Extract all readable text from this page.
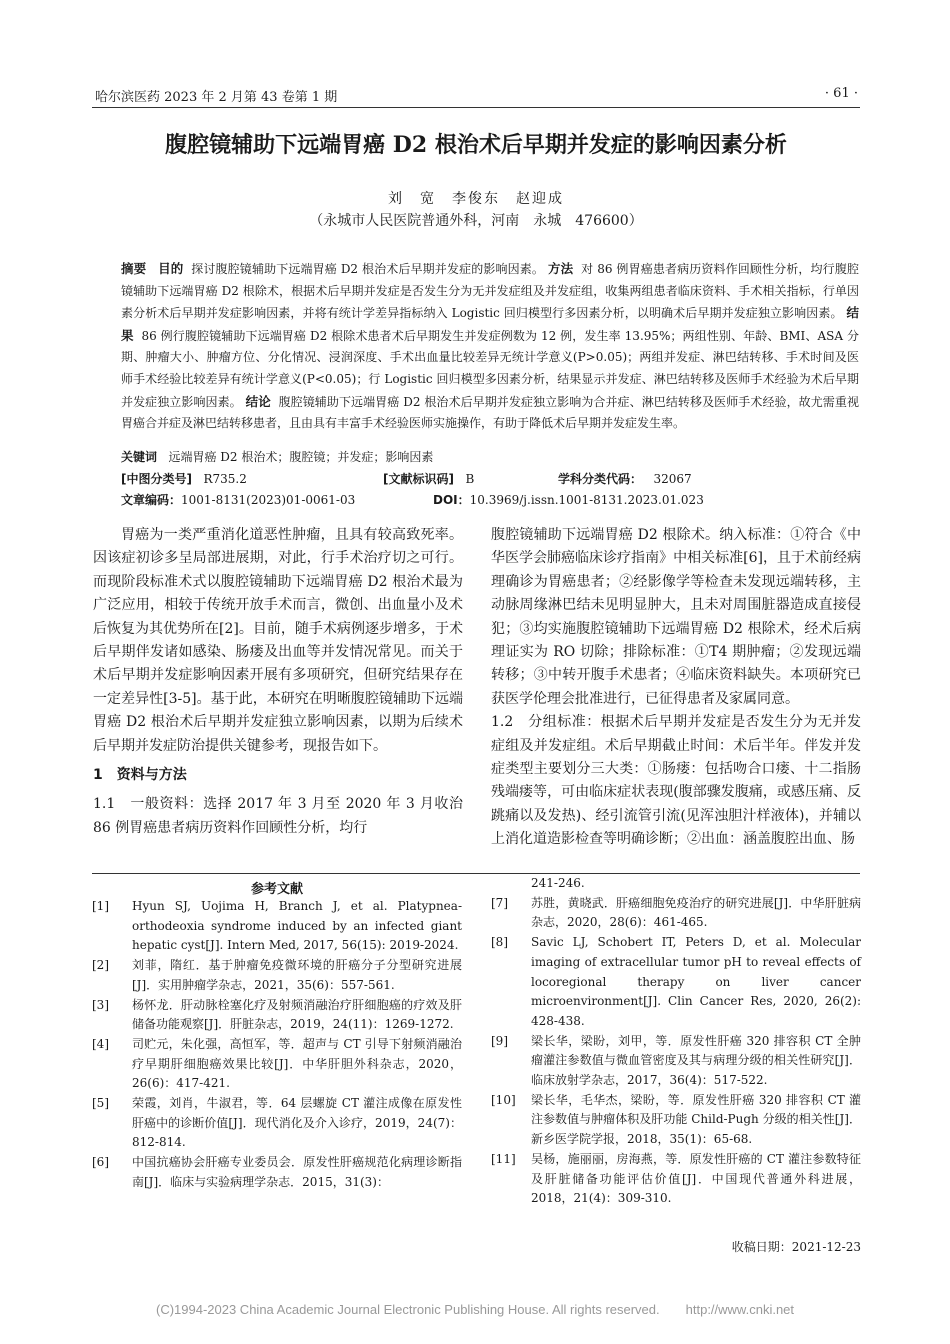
哈尔滨医药 2023 年 2 月第 43 卷第 1 期	· 61 ·
腹腔镜辅助下远端胃癌 D2 根治术后早期并发症的影响因素分析
刘　宽　李俊东　赵迎成
（永城市人民医院普通外科，河南　永城　476600）
摘要 目的 探讨腹腔镜辅助下远端胃癌 D2 根治术后早期并发症的影响因素。 方法 对 86 例胃癌患者病历资料作回顾性分析，均行腹腔镜辅助下远端胃癌 D2 根除术，根据术后早期并发症是否发生分为无并发症组及并发症组，收集两组患者临床资料、手术相关指标，行单因素分析术后早期并发症影响因素，并将有统计学差异指标纳入 Logistic 回归模型行多因素分析，以明确术后早期并发症独立影响因素。 结果 86 例行腹腔镜辅助下远端胃癌 D2 根除术患者术后早期发生并发症例数为 12 例，发生率 13.95%；两组性别、年龄、BMI、ASA 分期、肿瘤大小、肿瘤方位、分化情况、浸润深度、手术出血量比较差异无统计学意义(P>0.05)；两组并发症、淋巴结转移、手术时间及医师手术经验比较差异有统计学意义(P<0.05)；行 Logistic 回归模型多因素分析，结果显示并发症、淋巴结转移及医师手术经验为术后早期并发症独立影响因素。 结论 腹腔镜辅助下远端胃癌 D2 根治术后早期并发症独立影响为合并症、淋巴结转移及医师手术经验，故尤需重视胃癌合并症及淋巴结转移患者，且由具有丰富手术经验医师实施操作，有助于降低术后早期并发症发生率。
关键词 远端胃癌 D2 根治术；腹腔镜；并发症；影响因素
[中图分类号] R735.2	[文献标识码] B	学科分类代码： 32067
文章编码：1001-8131(2023)01-0061-03	DOI：10.3969/j.issn.1001-8131.2023.01.023

胃癌为一类严重消化道恶性肿瘤，且具有较高致死率。因该症初诊多呈局部进展期，对此，行手术治疗切之可行。而现阶段标准术式以腹腔镜辅助下远端胃癌 D2 根治术最为广泛应用，相较于传统开放手术而言，微创、出血量小及术后恢复为其优势所在[2]。目前，随手术病例逐步增多，于术后早期伴发诸如感染、肠瘘及出血等并发情况常见。而关于术后早期并发症影响因素开展有多项研究，但研究结果存在一定差异性[3-5]。基于此，本研究在明晰腹腔镜辅助下远端胃癌 D2 根治术后早期并发症独立影响因素，以期为后续术后早期并发症防治提供关键参考，现报告如下。

1　资料与方法

1.1　一般资料：选择 2017 年 3 月至 2020 年 3 月收治 86 例胃癌患者病历资料作回顾性分析，均行

腹腔镜辅助下远端胃癌 D2 根除术。纳入标准：①符合《中华医学会肺癌临床诊疗指南》中相关标准[6]，且于术前经病理确诊为胃癌患者；②经影像学等检查未发现远端转移，主动脉周缘淋巴结未见明显肿大，且未对周围脏器造成直接侵犯；③均实施腹腔镜辅助下远端胃癌 D2 根除术，经术后病理证实为 RO 切除；排除标准：①T4 期肿瘤；②发现远端转移；③中转开腹手术患者；④临床资料缺失。本项研究已获医学伦理会批准进行，已征得患者及家属同意。

1.2　分组标准：根据术后早期并发症是否发生分为无并发症组及并发症组。术后早期截止时间：术后半年。伴发并发症类型主要划分三大类：①肠瘘：包括吻合口瘘、十二指肠残端瘘等，可由临床症状表现(腹部骤发腹痛，或感压痛、反跳痛以及发热)、经引流管引流(见浑浊胆汁样液体)，并辅以上消化道造影检查等明确诊断；②出血：涵盖腹腔出血、肠

参考文献
[1]	Hyun SJ, Uojima H, Branch J, et al. Platypnea-orthodeoxia syndrome induced by an infected giant hepatic cyst[J]. Intern Med, 2017, 56(15): 2019-2024.
[2]	刘菲，隋红．基于肿瘤免疫微环境的肝癌分子分型研究进展[J]．实用肿瘤学杂志，2021，35(6)：557-561.
[3]	杨怀龙．肝动脉栓塞化疗及射频消融治疗肝细胞癌的疗效及肝储备功能观察[J]．肝脏杂志，2019，24(11)：1269-1272.
[4]	司贮元，朱化强，高恒军，等．超声与 CT 引导下射频消融治疗早期肝细胞癌效果比较[J]．中华肝胆外科杂志，2020，26(6)：417-421.
[5]	荣霞，刘肖，牛淑君，等．64 层螺旋 CT 灌注成像在原发性肝癌中的诊断价值[J]．现代消化及介入诊疗，2019，24(7)：812-814.
[6]	中国抗癌协会肝癌专业委员会．原发性肝癌规范化病理诊断指南[J]．临床与实验病理学杂志．2015，31(3)：
241-246.
[7]	苏胜，黄晓武．肝癌细胞免疫治疗的研究进展[J]．中华肝脏病杂志，2020，28(6)：461-465.
[8]	Savic LJ, Schobert IT, Peters D, et al. Molecular imaging of extracellular tumor pH to reveal effects of locoregional therapy on liver cancer microenvironment[J]. Clin Cancer Res, 2020, 26(2): 428-438.
[9]	梁长华，梁盼，刘甲，等．原发性肝癌 320 排容积 CT 全肿瘤灌注参数值与微血管密度及其与病理分级的相关性研究[J]．临床放射学杂志，2017，36(4)：517-522.
[10]	梁长华，毛华杰，梁盼，等．原发性肝癌 320 排容积 CT 灌注参数值与肿瘤体积及肝功能 Child-Pugh 分级的相关性[J]．新乡医学院学报，2018，35(1)：65-68.
[11]	吴杨，施丽丽，房海燕，等．原发性肝癌的 CT 灌注参数特征及肝脏储备功能评估价值[J]．中国现代普通外科进展，2018，21(4)：309-310.
收稿日期：2021-12-23
(C)1994-2023 China Academic Journal Electronic Publishing House. All rights reserved.　　http://www.cnki.net
